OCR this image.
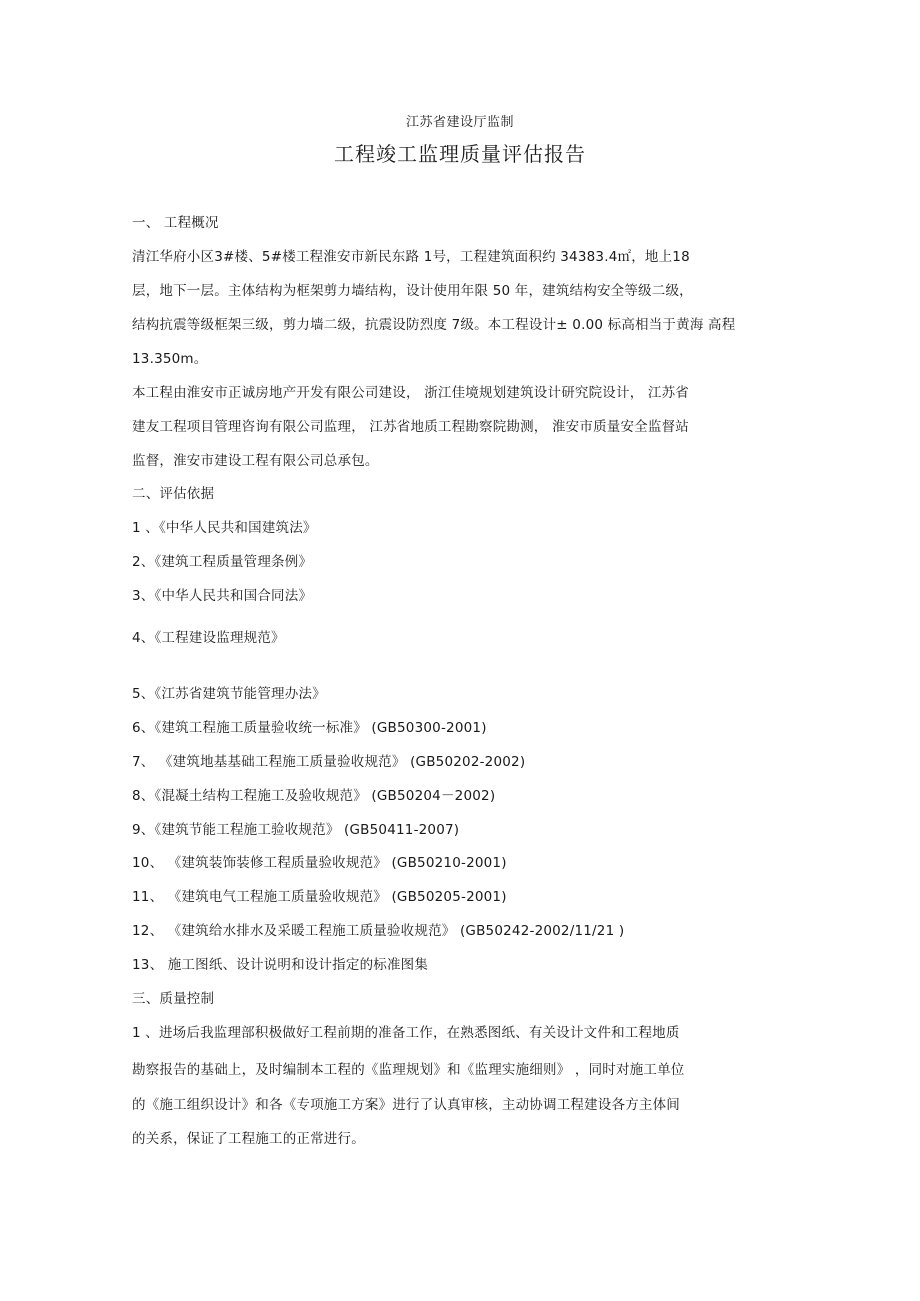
江苏省建设厅监制
工程竣工监理质量评估报告
一、 工程概况
清江华府小区3#楼、5#楼工程淮安市新民东路 1号，工程建筑面积约 34383.4㎡，地上18
层，地下一层。主体结构为框架剪力墙结构，设计使用年限 50 年，建筑结构安全等级二级，
结构抗震等级框架三级，剪力墙二级，抗震设防烈度 7级。本工程设计± 0.00 标高相当于黄海 高程
13.350m。
本工程由淮安市正诚房地产开发有限公司建设， 浙江佳境规划建筑设计研究院设计， 江苏省
建友工程项目管理咨询有限公司监理， 江苏省地质工程勘察院勘测， 淮安市质量安全监督站
监督，淮安市建设工程有限公司总承包。
二、评估依据
1 、《中华人民共和国建筑法》
2、《建筑工程质量管理条例》
3、《中华人民共和国合同法》
4、《工程建设监理规范》
5、《江苏省建筑节能管理办法》
6、《建筑工程施工质量验收统一标准》 (GB50300-2001)
7、 《建筑地基基础工程施工质量验收规范》 (GB50202-2002)
8、《混凝土结构工程施工及验收规范》 (GB50204－2002)
9、《建筑节能工程施工验收规范》 (GB50411-2007)
10、 《建筑装饰装修工程质量验收规范》 (GB50210-2001)
11、 《建筑电气工程施工质量验收规范》 (GB50205-2001)
12、 《建筑给水排水及采暖工程施工质量验收规范》 (GB50242-2002/11/21 )
13、 施工图纸、设计说明和设计指定的标准图集
三、质量控制
1 、进场后我监理部积极做好工程前期的准备工作，在熟悉图纸、有关设计文件和工程地质
勘察报告的基础上，及时编制本工程的《监理规划》和《监理实施细则》 ，同时对施工单位
的《施工组织设计》和各《专项施工方案》进行了认真审核，主动协调工程建设各方主体间
的关系，保证了工程施工的正常进行。
